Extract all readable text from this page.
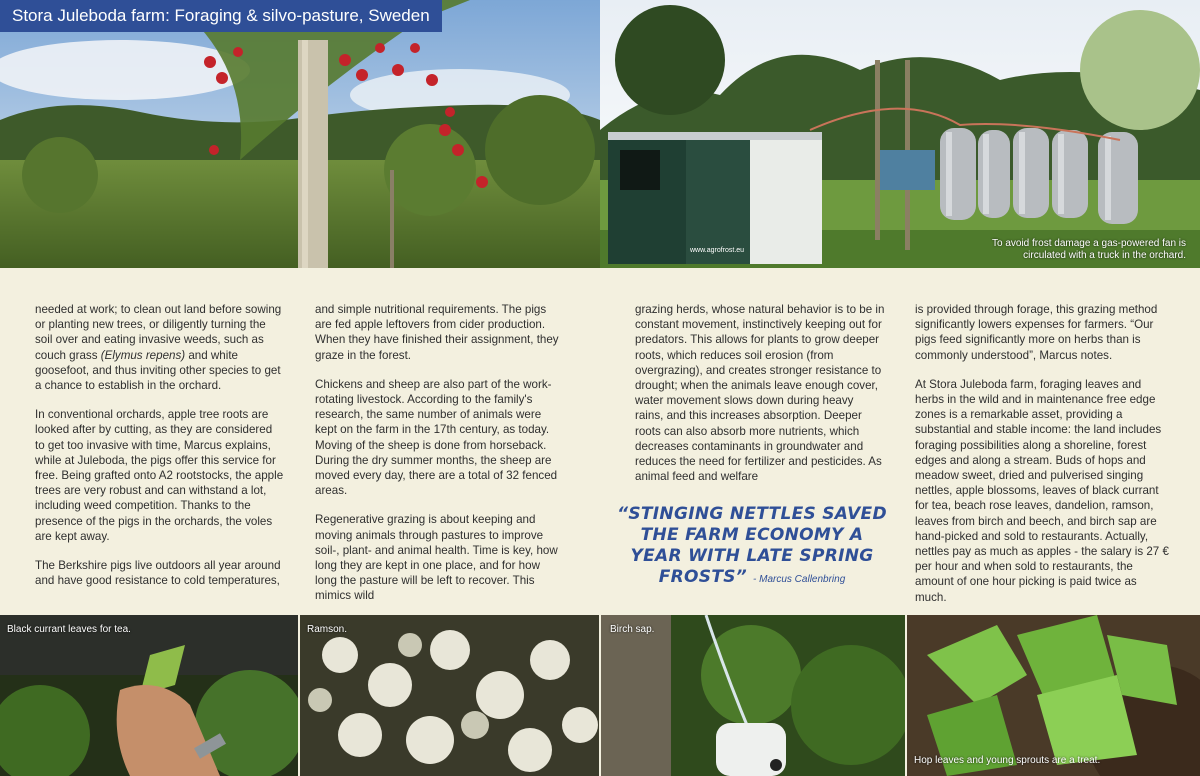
Stora Juleboda farm: Foraging & silvo-pasture, Sweden
www.agrofrost.eu
To avoid frost damage a gas-powered fan is circulated with a truck in the orchard.

needed at work; to clean out land before sowing or planting new trees, or diligently turning the soil over and eating invasive weeds, such as couch grass (Elymus repens) and white goosefoot, and thus inviting other species to get a chance to establish in the orchard.

In conventional orchards, apple tree roots are looked after by cutting, as they are considered to get too invasive with time, Marcus explains, while at Juleboda, the pigs offer this service for free. Being grafted onto A2 rootstocks, the apple trees are very robust and can withstand a lot, including weed competition. Thanks to the presence of the pigs in the orchards, the voles are kept away.

The Berkshire pigs live outdoors all year around and have good resistance to cold temperatures,

and simple nutritional requirements. The pigs are fed apple leftovers from cider production. When they have finished their assignment, they graze in the forest.

Chickens and sheep are also part of the work-rotating livestock. According to the family's research, the same number of animals were kept on the farm in the 17th century, as today. Moving of the sheep is done from horseback. During the dry summer months, the sheep are moved every day, there are a total of 32 fenced areas.

Regenerative grazing is about keeping and moving animals through pastures to improve soil-, plant- and animal health. Time is key, how long they are kept in one place, and for how long the pasture will be left to recover. This mimics wild

grazing herds, whose natural behavior is to be in constant movement, instinctively keeping out for predators. This allows for plants to grow deeper roots, which reduces soil erosion (from overgrazing), and creates stronger resistance to drought; when the animals leave enough cover, water movement slows down during heavy rains, and this increases absorption. Deeper roots can also absorb more nutrients, which decreases contaminants in groundwater and reduces the need for fertilizer and pesticides. As animal feed and welfare

“STINGING NETTLES SAVED THE FARM ECONOMY A YEAR WITH LATE SPRING FROSTS” - Marcus Callenbring

is provided through forage, this grazing method significantly lowers expenses for farmers. “Our pigs feed significantly more on herbs than is commonly understood”, Marcus notes.

At Stora Juleboda farm, foraging leaves and herbs in the wild and in maintenance free edge zones is a remarkable asset, providing a substantial and stable income: the land includes foraging possibilities along a shoreline, forest edges and along a stream. Buds of hops and meadow sweet, dried and pulverised singing nettles, apple blossoms, leaves of black currant for tea, beach rose leaves, dandelion, ramson, leaves from birch and beech, and birch sap are hand-picked and sold to restaurants. Actually, nettles pay as much as apples - the salary is 27 € per hour and when sold to restaurants, the amount of one hour picking is paid twice as much.

Black currant leaves for tea.	Ramson.	Birch sap.
Hop leaves and young sprouts are a treat.
